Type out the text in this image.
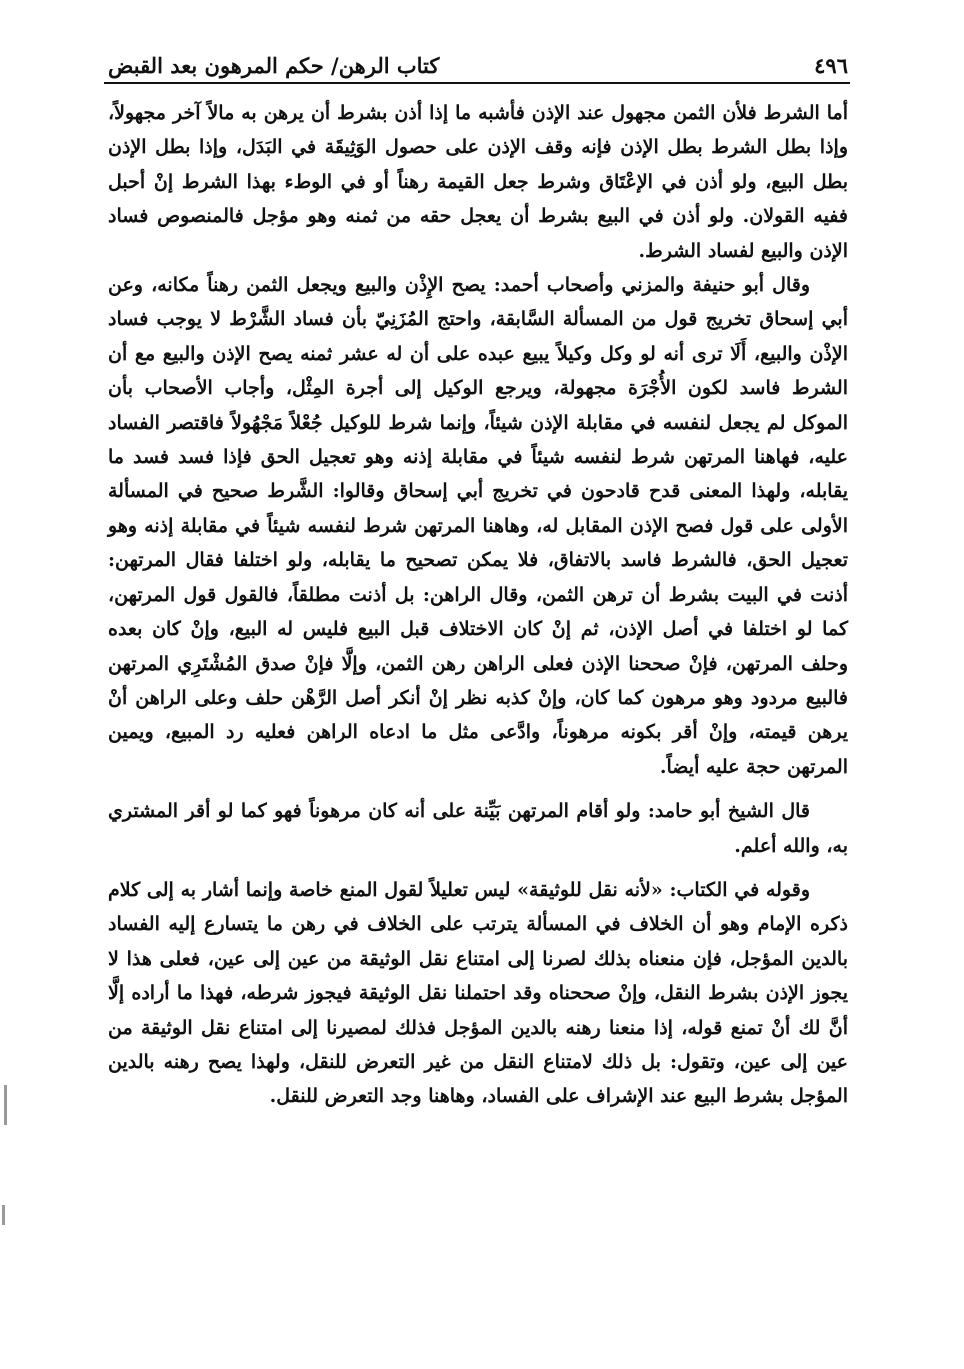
٤٩٦
كتاب الرهن/ حكم المرهون بعد القبض

أما الشرط فلأن الثمن مجهول عند الإذن فأشبه ما إذا أذن بشرط أن يرهن به مالاً آخر مجهولاً، وإذا بطل الشرط بطل الإذن فإنه وقف الإذن على حصول الوَثِيقَة في البَدَل، وإذا بطل الإذن بطل البيع، ولو أذن في الإعْتَاق وشرط جعل القيمة رهناً أو في الوطء بهذا الشرط إنْ أحبل ففيه القولان. ولو أذن في البيع بشرط أن يعجل حقه من ثمنه وهو مؤجل فالمنصوص فساد الإذن والبيع لفساد الشرط.

وقال أبو حنيفة والمزني وأصحاب أحمد: يصح الإِذْن والبيع ويجعل الثمن رهناً مكانه، وعن أبي إسحاق تخريج قول من المسألة السَّابقة، واحتج المُزَنِيّ بأن فساد الشَّرْط لا يوجب فساد الإذْن والبيع، أَلَا ترى أنه لو وكل وكيلاً يبيع عبده على أن له عشر ثمنه يصح الإذن والبيع مع أن الشرط فاسد لكون الأُجْرَة مجهولة، ويرجع الوكيل إلى أجرة المِثْل، وأجاب الأصحاب بأن الموكل لم يجعل لنفسه في مقابلة الإذن شيئاً، وإنما شرط للوكيل جُعْلاً مَجْهُولاً فاقتصر الفساد عليه، فهاهنا المرتهن شرط لنفسه شيئاً في مقابلة إذنه وهو تعجيل الحق فإذا فسد فسد ما يقابله، ولهذا المعنى قدح قادحون في تخريج أبي إسحاق وقالوا: الشَّرط صحيح في المسألة الأولى على قول فصح الإذن المقابل له، وهاهنا المرتهن شرط لنفسه شيئاً في مقابلة إذنه وهو تعجيل الحق، فالشرط فاسد بالاتفاق، فلا يمكن تصحيح ما يقابله، ولو اختلفا فقال المرتهن: أذنت في البيت بشرط أن ترهن الثمن، وقال الراهن: بل أذنت مطلقاً، فالقول قول المرتهن، كما لو اختلفا في أصل الإذن، ثم إنْ كان الاختلاف قبل البيع فليس له البيع، وإنْ كان بعده وحلف المرتهن، فإنْ صححنا الإذن فعلى الراهن رهن الثمن، وإلَّا فإنْ صدق المُشْتَرِي المرتهن فالبيع مردود وهو مرهون كما كان، وإنْ كذبه نظر إنْ أنكر أصل الرَّهْن حلف وعلى الراهن أنْ يرهن قيمته، وإنْ أقر بكونه مرهوناً، وادَّعى مثل ما ادعاه الراهن فعليه رد المبيع، ويمين المرتهن حجة عليه أيضاً.

قال الشيخ أبو حامد: ولو أقام المرتهن بَيِّنة على أنه كان مرهوناً فهو كما لو أقر المشتري به، والله أعلم.

وقوله في الكتاب: «لأنه نقل للوثيقة» ليس تعليلاً لقول المنع خاصة وإنما أشار به إلى كلام ذكره الإمام وهو أن الخلاف في المسألة يترتب على الخلاف في رهن ما يتسارع إليه الفساد بالدين المؤجل، فإن منعناه بذلك لصرنا إلى امتناع نقل الوثيقة من عين إلى عين، فعلى هذا لا يجوز الإذن بشرط النقل، وإنْ صححناه وقد احتملنا نقل الوثيقة فيجوز شرطه، فهذا ما أراده إلَّا أنَّ لك أنْ تمنع قوله، إذا منعنا رهنه بالدين المؤجل فذلك لمصيرنا إلى امتناع نقل الوثيقة من عين إلى عين، وتقول: بل ذلك لامتناع النقل من غير التعرض للنقل، ولهذا يصح رهنه بالدين المؤجل بشرط البيع عند الإشراف على الفساد، وهاهنا وجد التعرض للنقل.
